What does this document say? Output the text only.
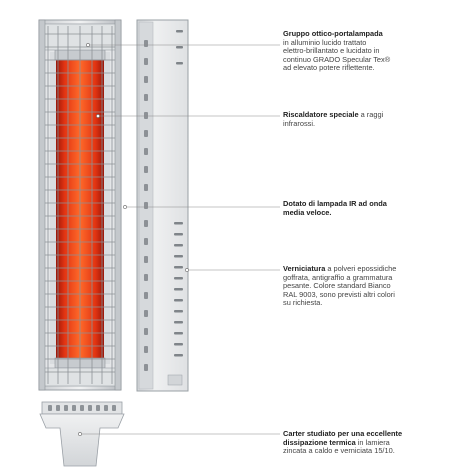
Gruppo ottico-portalampada
in alluminio lucido trattato
elettro-brillantato e lucidato in
continuo GRADO Specular Tex®
ad elevato potere riflettente.
Riscaldatore speciale a raggi
infrarossi.
Dotato di lampada IR ad onda
media veloce.
Verniciatura a polveri epossidiche
goffrata, antigraffio a grammatura
pesante. Colore standard Bianco
RAL 9003, sono previsti altri colori
su richiesta.
Carter studiato per una eccellente
dissipazione termica in lamiera
zincata a caldo e verniciata 15/10.
